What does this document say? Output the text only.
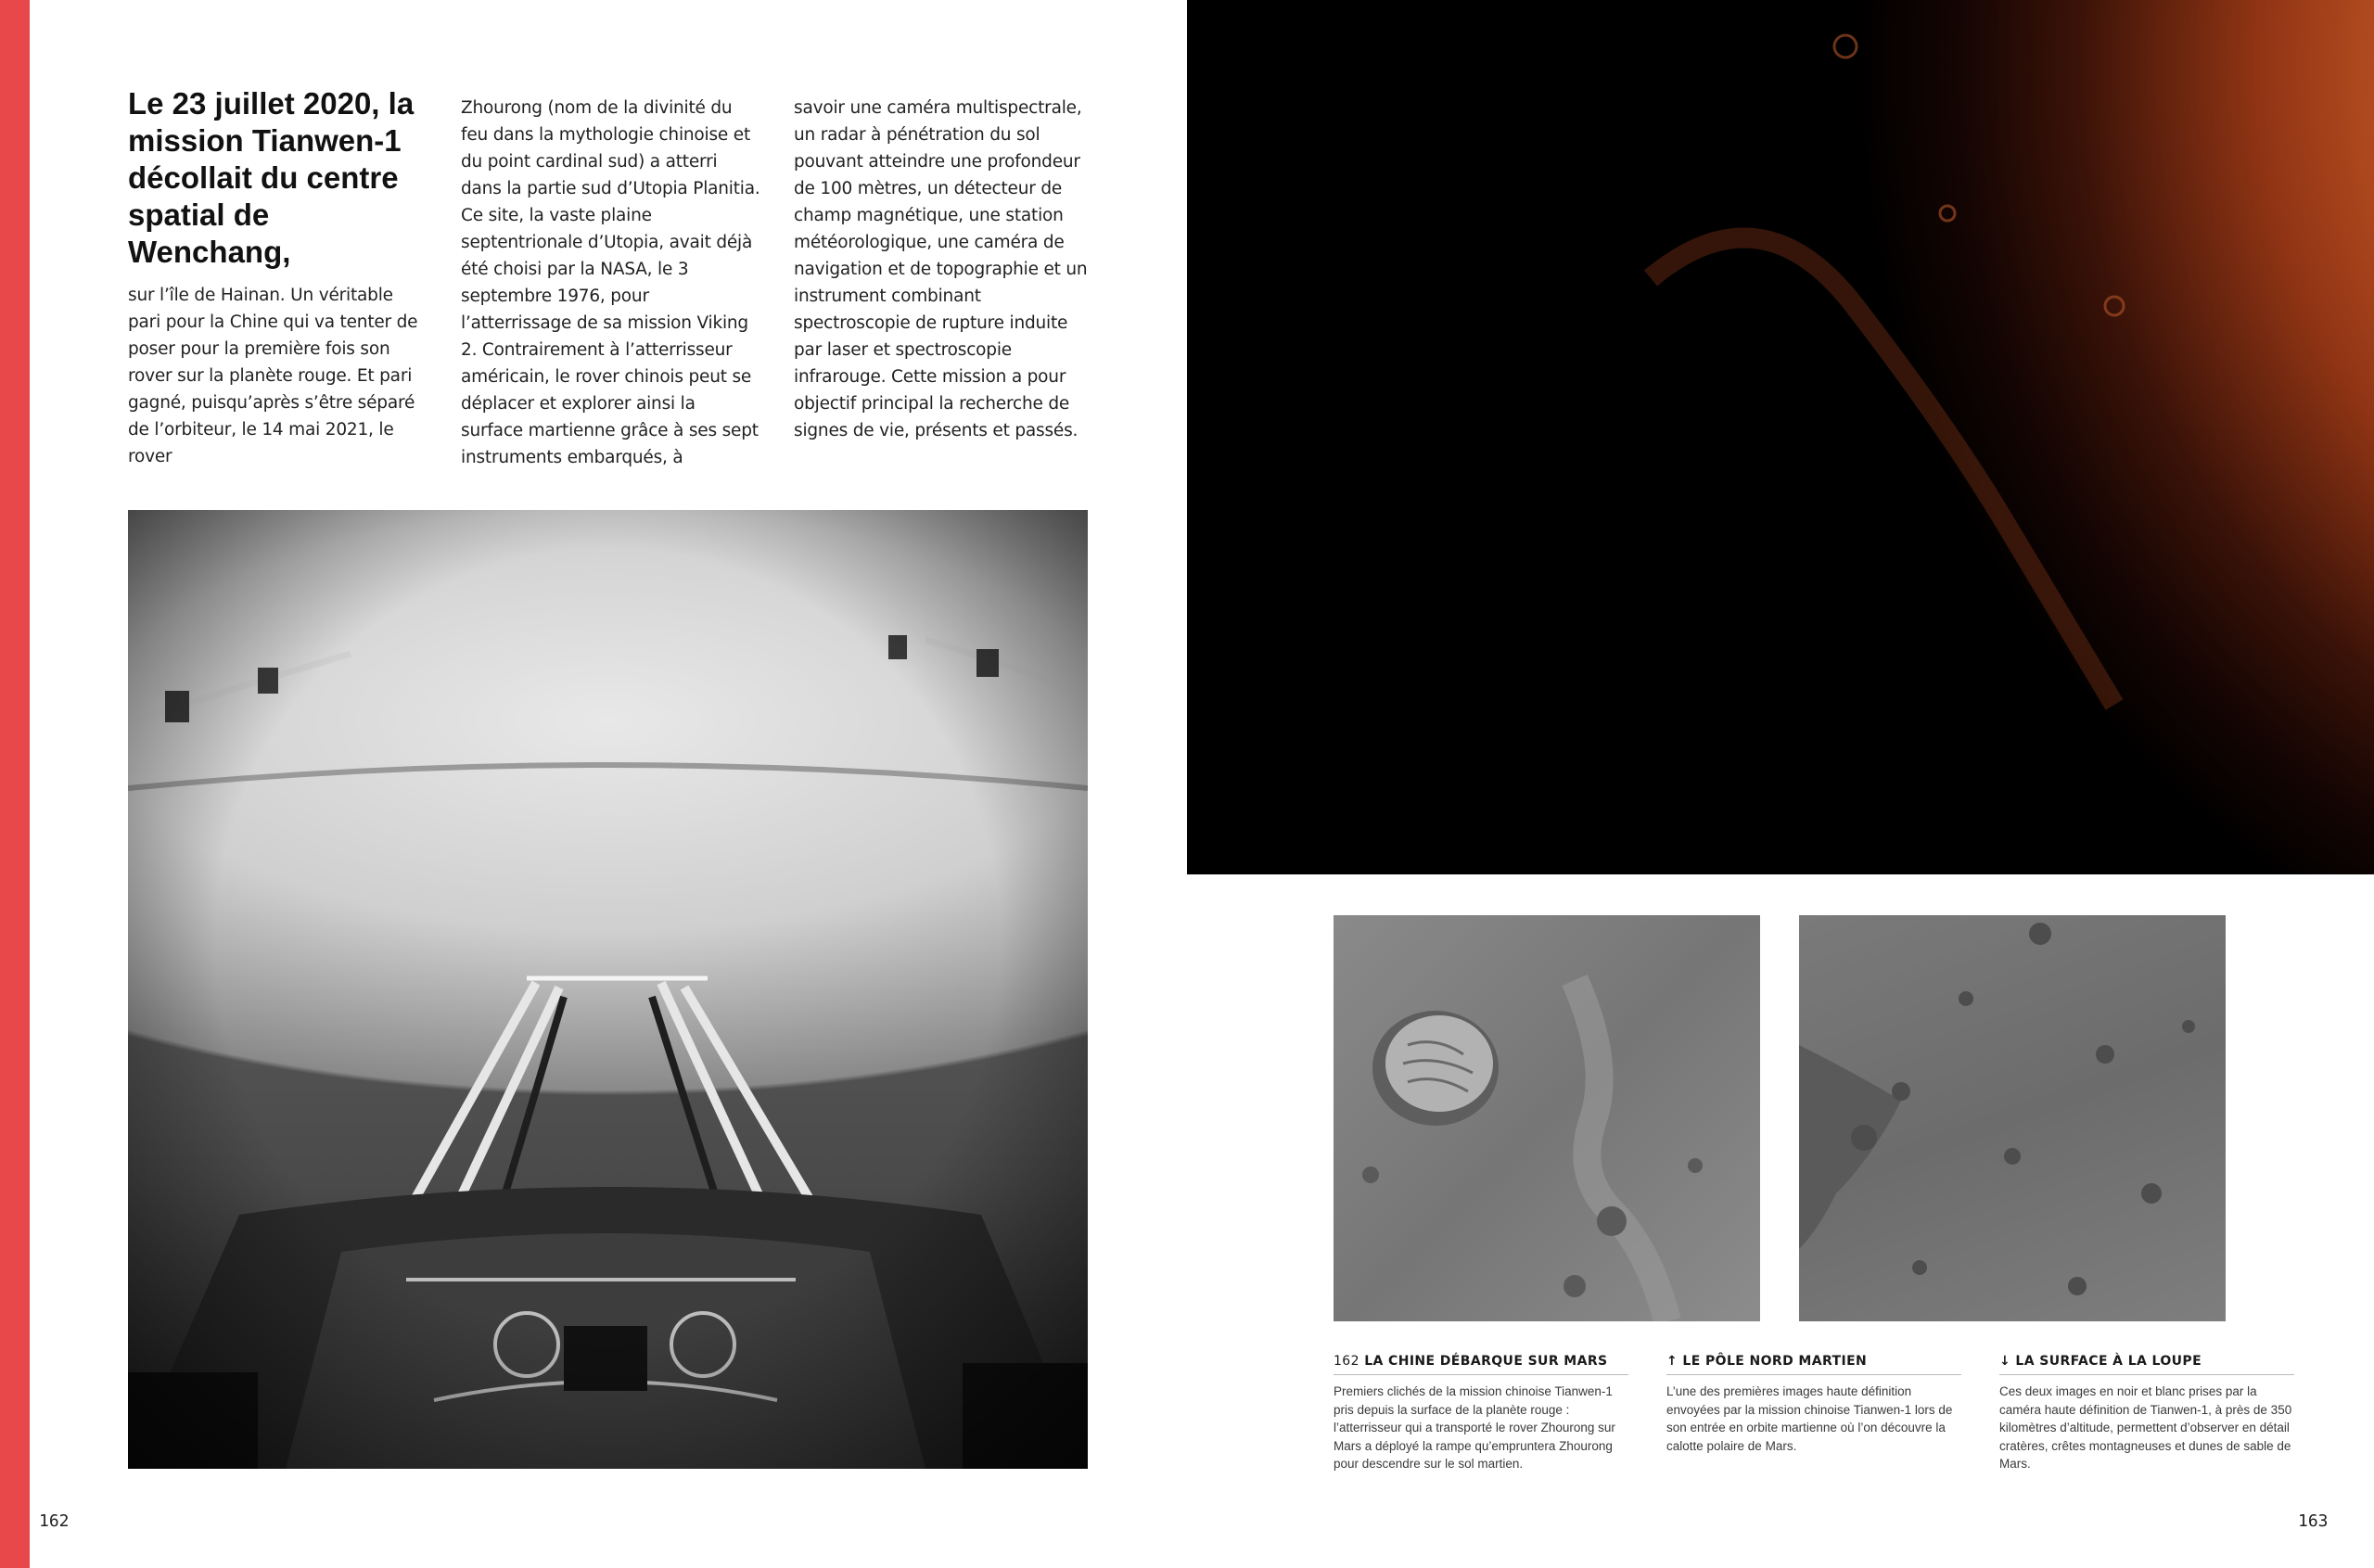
Le 23 juillet 2020, la mission Tianwen-1 décollait du centre spatial de Wenchang,

sur l’île de Hainan. Un véritable pari pour la Chine qui va tenter de poser pour la première fois son rover sur la planète rouge. Et pari gagné, puisqu’après s’être séparé de l’orbiteur, le 14 mai 2021, le rover

Zhourong (nom de la divinité du feu dans la mythologie chinoise et du point cardinal sud) a atterri dans la partie sud d’Utopia Planitia. Ce site, la vaste plaine septentrionale d’Utopia, avait déjà été choisi par la NASA, le 3 septembre 1976, pour l’atterrissage de sa mission Viking 2. Contrairement à l’atterrisseur américain, le rover chinois peut se déplacer et explorer ainsi la surface martienne grâce à ses sept instruments embarqués, à

savoir une caméra multispectrale, un radar à pénétration du sol pouvant atteindre une profondeur de 100 mètres, un détecteur de champ magnétique, une station météorologique, une caméra de navigation et de topographie et un instrument combinant spectroscopie de rupture induite par laser et spectroscopie infrarouge. Cette mission a pour objectif principal la recherche de signes de vie, présents et passés.

162 LA CHINE DÉBARQUE SUR MARS

Premiers clichés de la mission chinoise Tianwen-1 pris depuis la surface de la planète rouge : l’atterrisseur qui a transporté le rover Zhourong sur Mars a déployé la rampe qu’empruntera Zhourong pour descendre sur le sol martien.

↑ LE PÔLE NORD MARTIEN

L’une des premières images haute définition envoyées par la mission chinoise Tianwen-1 lors de son entrée en orbite martienne où l’on découvre la calotte polaire de Mars.

↓ LA SURFACE À LA LOUPE

Ces deux images en noir et blanc prises par la caméra haute définition de Tianwen-1, à près de 350 kilomètres d’altitude, permettent d’observer en détail cratères, crêtes montagneuses et dunes de sable de Mars.

162	163
